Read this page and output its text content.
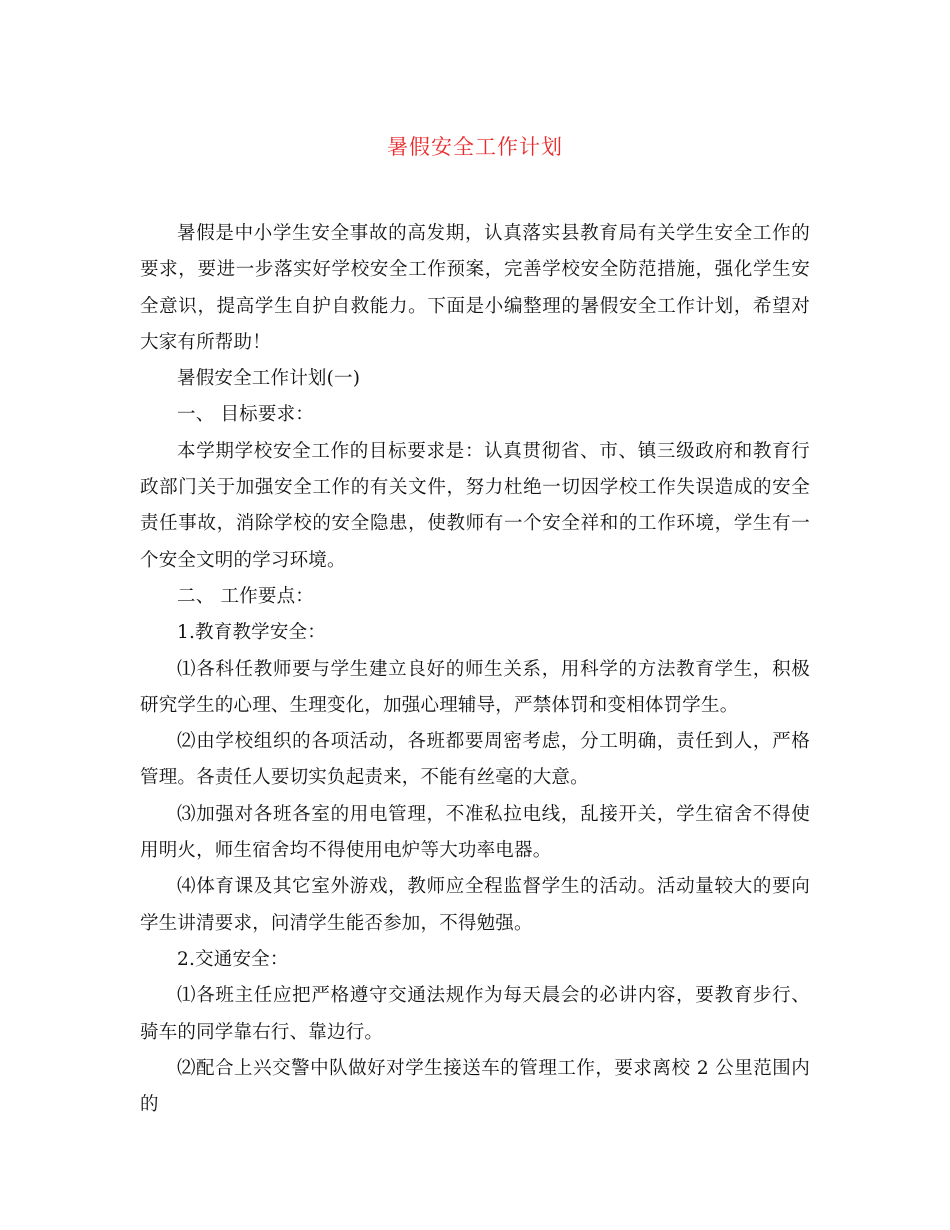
暑假安全工作计划

暑假是中小学生安全事故的高发期，认真落实县教育局有关学生安全工作的要求，要进一步落实好学校安全工作预案，完善学校安全防范措施，强化学生安全意识，提高学生自护自救能力。下面是小编整理的暑假安全工作计划，希望对大家有所帮助！

暑假安全工作计划(一)

一、 目标要求：

本学期学校安全工作的目标要求是：认真贯彻省、市、镇三级政府和教育行政部门关于加强安全工作的有关文件，努力杜绝一切因学校工作失误造成的安全责任事故，消除学校的安全隐患，使教师有一个安全祥和的工作环境，学生有一个安全文明的学习环境。

二、 工作要点：

1.教育教学安全：

⑴各科任教师要与学生建立良好的师生关系，用科学的方法教育学生，积极研究学生的心理、生理变化，加强心理辅导，严禁体罚和变相体罚学生。

⑵由学校组织的各项活动，各班都要周密考虑，分工明确，责任到人，严格管理。各责任人要切实负起责来，不能有丝毫的大意。

⑶加强对各班各室的用电管理，不准私拉电线，乱接开关，学生宿舍不得使用明火，师生宿舍均不得使用电炉等大功率电器。

⑷体育课及其它室外游戏，教师应全程监督学生的活动。活动量较大的要向学生讲清要求，问清学生能否参加，不得勉强。

2.交通安全：

⑴各班主任应把严格遵守交通法规作为每天晨会的必讲内容，要教育步行、骑车的同学靠右行、靠边行。

⑵配合上兴交警中队做好对学生接送车的管理工作，要求离校 2 公里范围内的
